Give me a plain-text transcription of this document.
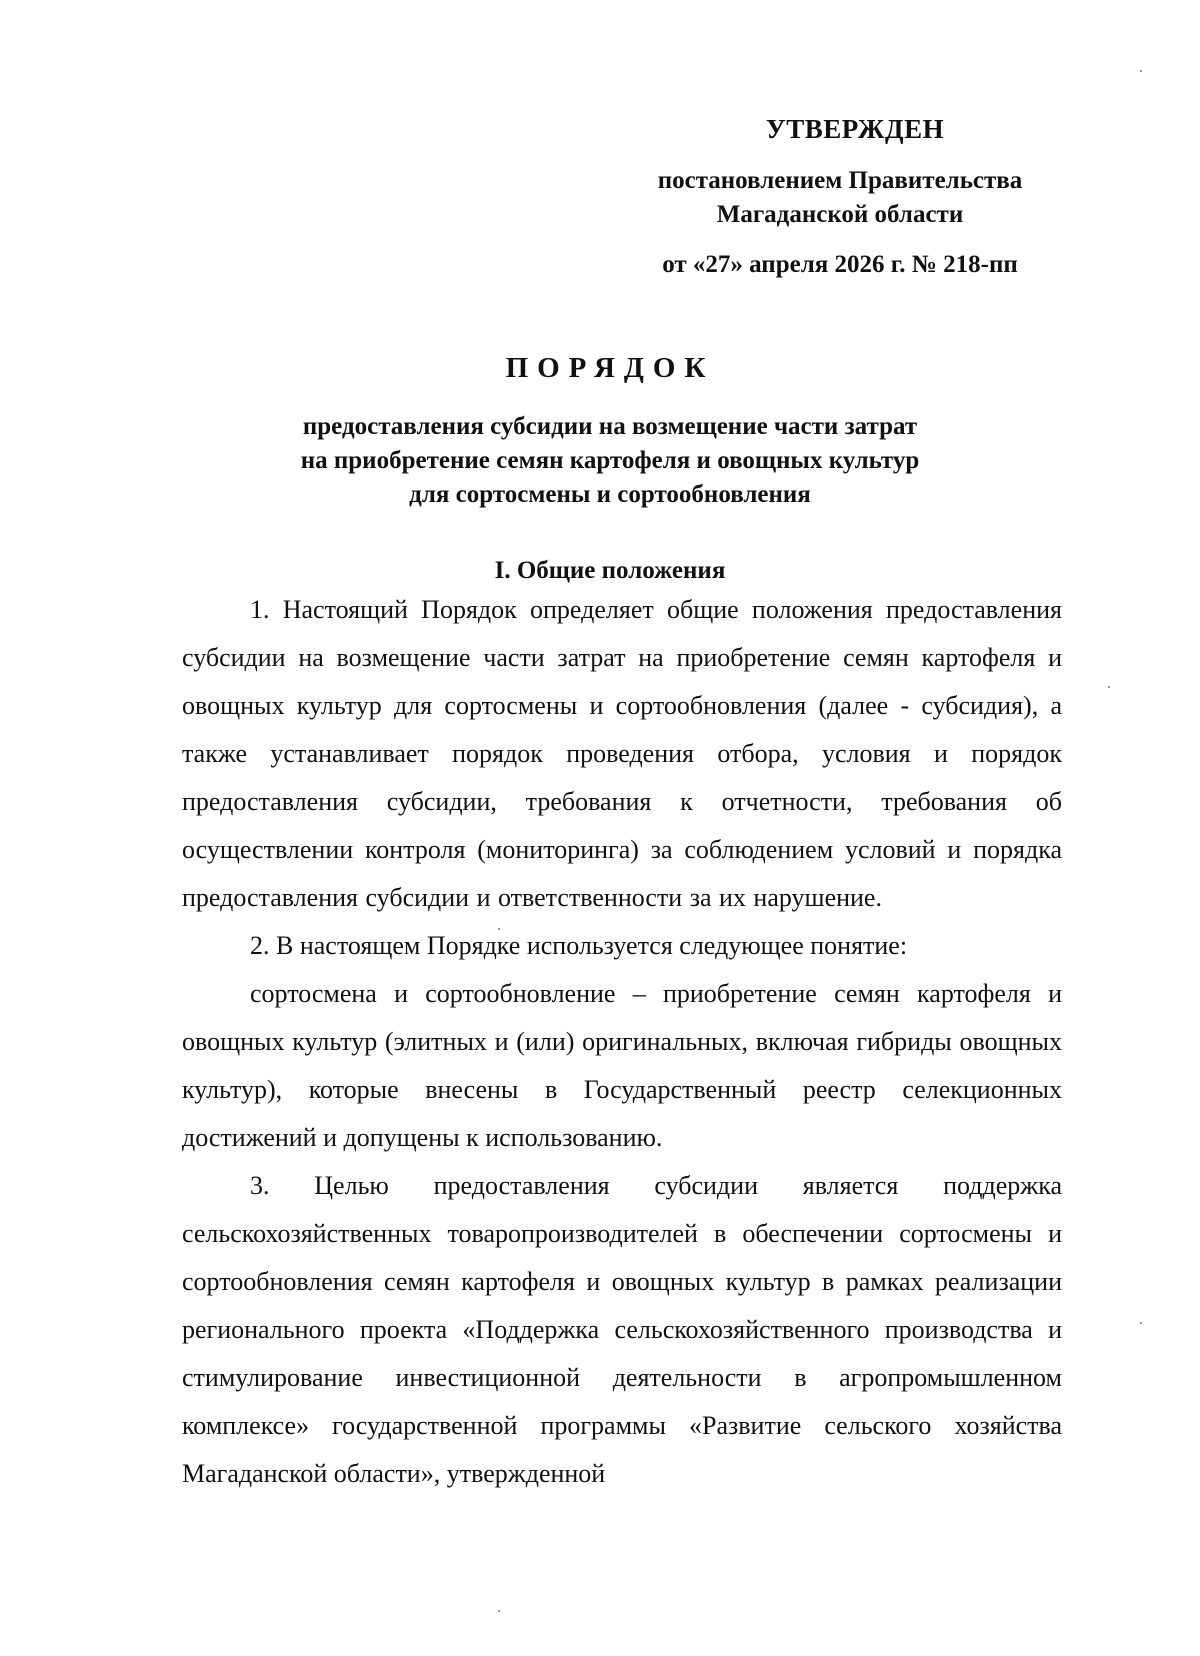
УТВЕРЖДЕН
постановлением Правительства
Магаданской области
от «27» апреля 2026 г. № 218-пп
ПОРЯДОК
предоставления субсидии на возмещение части затрат
на приобретение семян картофеля и овощных культур
для сортосмены и сортообновления
I. Общие положения

1. Настоящий Порядок определяет общие положения предоставления субсидии на возмещение части затрат на приобретение семян картофеля и овощных культур для сортосмены и сортообновления (далее - субсидия), а также устанавливает порядок проведения отбора, условия и порядок предоставления субсидии, требования к отчетности, требования об осуществлении контроля (мониторинга) за соблюдением условий и порядка предоставления субсидии и ответственности за их нарушение.

2. В настоящем Порядке используется следующее понятие:

сортосмена и сортообновление – приобретение семян картофеля и овощных культур (элитных и (или) оригинальных, включая гибриды овощных культур), которые внесены в Государственный реестр селекционных достижений и допущены к использованию.

3. Целью предоставления субсидии является поддержка сельскохозяйственных товаропроизводителей в обеспечении сортосмены и сортообновления семян картофеля и овощных культур в рамках реализации регионального проекта «Поддержка сельскохозяйственного производства и стимулирование инвестиционной деятельности в агропромышленном комплексе» государственной программы «Развитие сельского хозяйства Магаданской области», утвержденной
